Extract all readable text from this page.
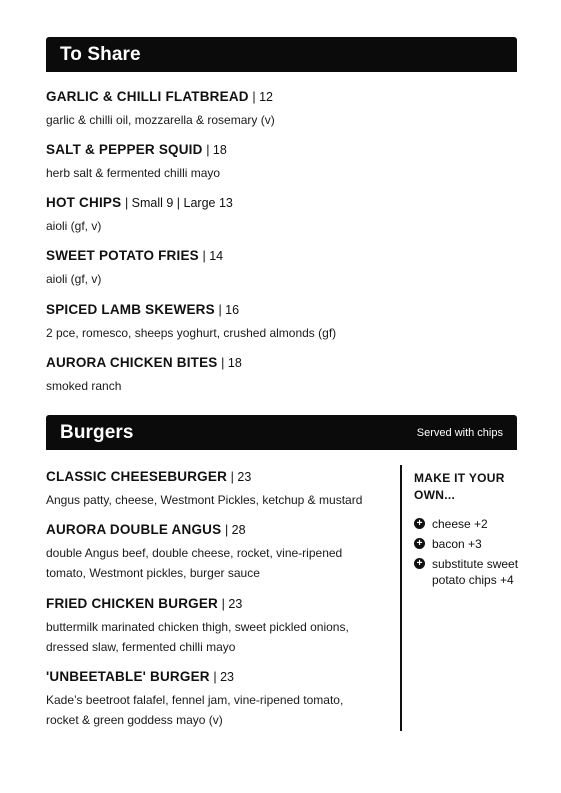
To Share
GARLIC & CHILLI FLATBREAD | 12
garlic & chilli oil, mozzarella & rosemary (v)
SALT & PEPPER SQUID | 18
herb salt & fermented chilli mayo
HOT CHIPS | Small 9 | Large 13
aioli (gf, v)
SWEET POTATO FRIES | 14
aioli (gf, v)
SPICED LAMB SKEWERS | 16
2 pce, romesco, sheeps yoghurt, crushed almonds (gf)
AURORA CHICKEN BITES | 18
smoked ranch
Burgers	Served with chips
CLASSIC CHEESEBURGER | 23
Angus patty, cheese, Westmont Pickles, ketchup & mustard
AURORA DOUBLE ANGUS | 28
double Angus beef, double cheese, rocket, vine-ripened tomato, Westmont pickles, burger sauce
FRIED CHICKEN BURGER | 23
buttermilk marinated chicken thigh, sweet pickled onions, dressed slaw, fermented chilli mayo
'UNBEETABLE' BURGER | 23
Kade’s beetroot falafel, fennel jam, vine-ripened tomato, rocket & green goddess mayo (v)
MAKE IT YOUR OWN...
+ cheese +2
+ bacon +3
+ substitute sweet potato chips +4
